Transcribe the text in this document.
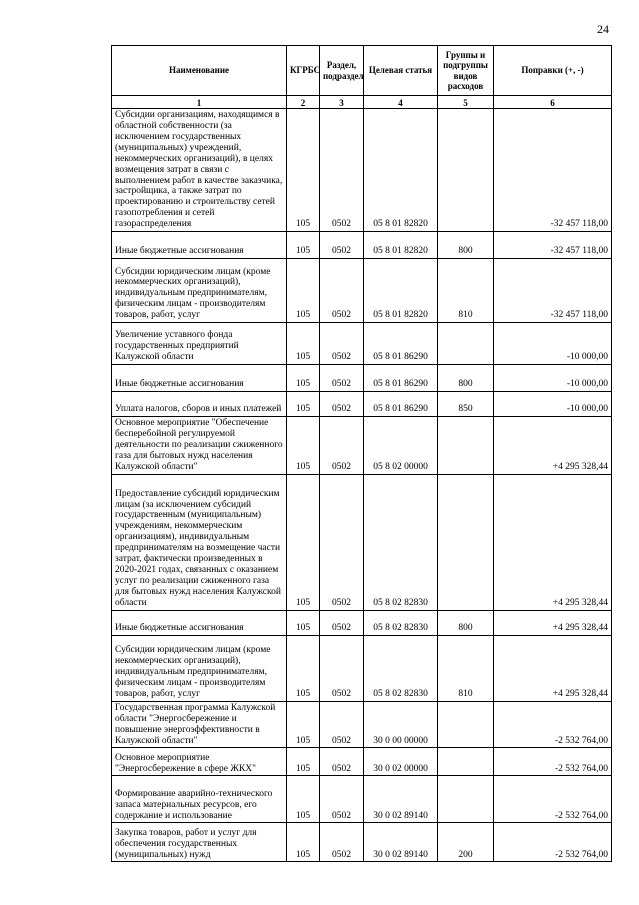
24
Наименование	КГРБС	Раздел, подраздел	Целевая статья	Группы и подгруппы видов расходов	Поправки (+, -)
1	2	3	4	5	6
Субсидии организациям, находящимся в областной собственности (за исключением государственных (муниципальных) учреждений, некоммерческих организаций), в целях возмещения затрат в связи с выполнением работ в качестве заказчика, застройщика, а также затрат по проектированию и строительству сетей газопотребления и сетей газораспределения	105	0502	05 8 01 82820		-32 457 118,00
Иные бюджетные ассигнования	105	0502	05 8 01 82820	800	-32 457 118,00
Субсидии юридическим лицам (кроме некоммерческих организаций), индивидуальным предпринимателям, физическим лицам - производителям товаров, работ, услуг	105	0502	05 8 01 82820	810	-32 457 118,00
Увеличение уставного фонда государственных предприятий Калужской области	105	0502	05 8 01 86290		-10 000,00
Иные бюджетные ассигнования	105	0502	05 8 01 86290	800	-10 000,00
Уплата налогов, сборов и иных платежей	105	0502	05 8 01 86290	850	-10 000,00
Основное мероприятие "Обеспечение бесперебойной регулируемой деятельности по реализации сжиженного газа для бытовых нужд населения Калужской области"	105	0502	05 8 02 00000		+4 295 328,44
Предоставление субсидий юридическим лицам (за исключением субсидий государственным (муниципальным) учреждениям, некоммерческим организациям), индивидуальным предпринимателям на возмещение части затрат, фактически произведенных в 2020-2021 годах, связанных с оказанием услуг по реализации сжиженного газа для бытовых нужд населения Калужской области	105	0502	05 8 02 82830		+4 295 328,44
Иные бюджетные ассигнования	105	0502	05 8 02 82830	800	+4 295 328,44
Субсидии юридическим лицам (кроме некоммерческих организаций), индивидуальным предпринимателям, физическим лицам - производителям товаров, работ, услуг	105	0502	05 8 02 82830	810	+4 295 328,44
Государственная программа Калужской области "Энергосбережение и повышение энергоэффективности в Калужской области"	105	0502	30 0 00 00000		-2 532 764,00
Основное мероприятие "Энергосбережение в сфере ЖКХ"	105	0502	30 0 02 00000		-2 532 764,00
Формирование аварийно-технического запаса материальных ресурсов, его содержание и использование	105	0502	30 0 02 89140		-2 532 764,00
Закупка товаров, работ и услуг для обеспечения государственных (муниципальных) нужд	105	0502	30 0 02 89140	200	-2 532 764,00
